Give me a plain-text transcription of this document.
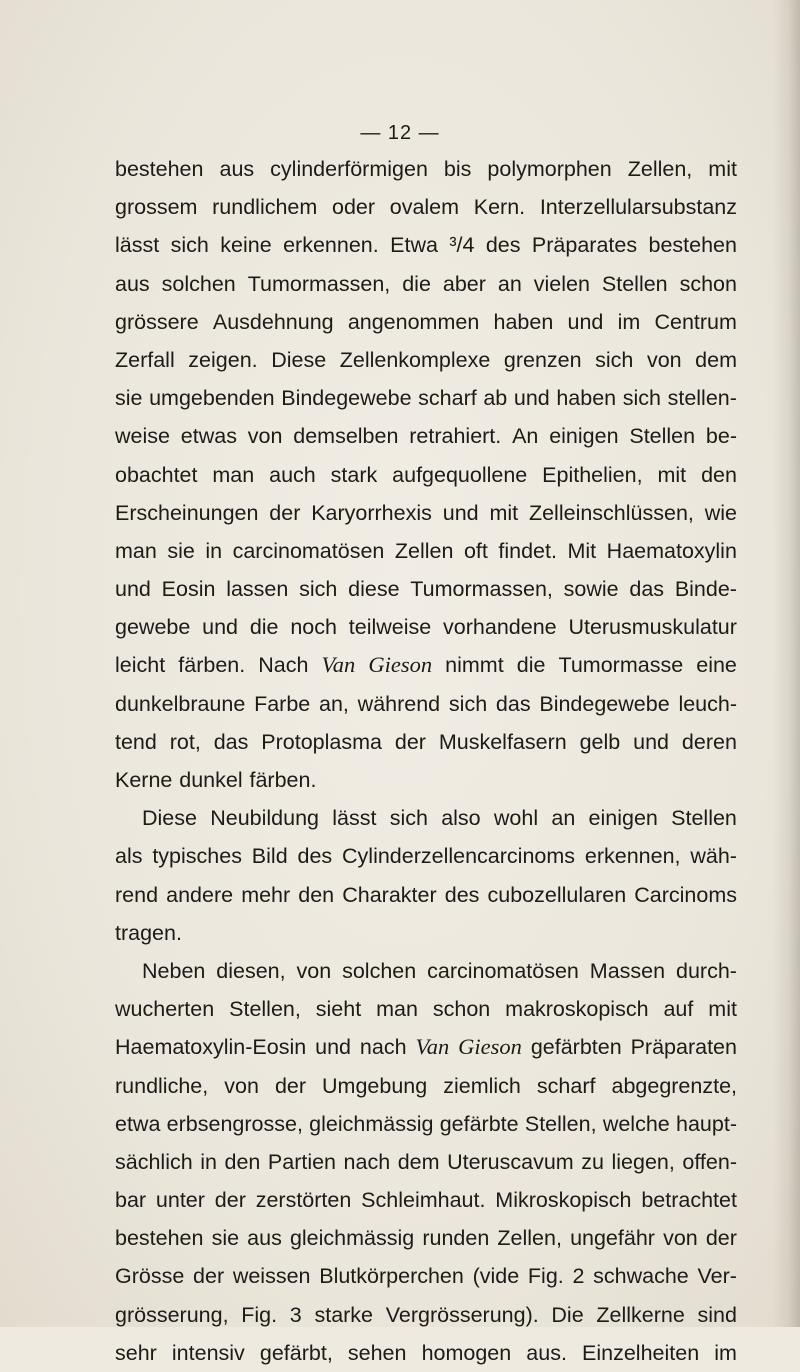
— 12 —
bestehen aus cylinderförmigen bis polymorphen Zellen, mit
grossem rundlichem oder ovalem Kern. Interzellularsubstanz
lässt sich keine erkennen. Etwa ³/4 des Präparates bestehen
aus solchen Tumormassen, die aber an vielen Stellen schon
grössere Ausdehnung angenommen haben und im Centrum
Zerfall zeigen. Diese Zellenkomplexe grenzen sich von dem
sie umgebenden Bindegewebe scharf ab und haben sich stellen-
weise etwas von demselben retrahiert. An einigen Stellen be-
obachtet man auch stark aufgequollene Epithelien, mit den
Erscheinungen der Karyorrhexis und mit Zelleinschlüssen, wie
man sie in carcinomatösen Zellen oft findet. Mit Haematoxylin
und Eosin lassen sich diese Tumormassen, sowie das Binde-
gewebe und die noch teilweise vorhandene Uterusmuskulatur
leicht färben. Nach Van Gieson nimmt die Tumormasse eine
dunkelbraune Farbe an, während sich das Bindegewebe leuch-
tend rot, das Protoplasma der Muskelfasern gelb und deren
Kerne dunkel färben.
Diese Neubildung lässt sich also wohl an einigen Stellen
als typisches Bild des Cylinderzellencarcinoms erkennen, wäh-
rend andere mehr den Charakter des cubozellularen Carcinoms
tragen.
Neben diesen, von solchen carcinomatösen Massen durch-
wucherten Stellen, sieht man schon makroskopisch auf mit
Haematoxylin-Eosin und nach Van Gieson gefärbten Präparaten
rundliche, von der Umgebung ziemlich scharf abgegrenzte,
etwa erbsengrosse, gleichmässig gefärbte Stellen, welche haupt-
sächlich in den Partien nach dem Uteruscavum zu liegen, offen-
bar unter der zerstörten Schleimhaut. Mikroskopisch betrachtet
bestehen sie aus gleichmässig runden Zellen, ungefähr von der
Grösse der weissen Blutkörperchen (vide Fig. 2 schwache Ver-
grösserung, Fig. 3 starke Vergrösserung). Die Zellkerne sind
sehr intensiv gefärbt, sehen homogen aus. Einzelheiten im
